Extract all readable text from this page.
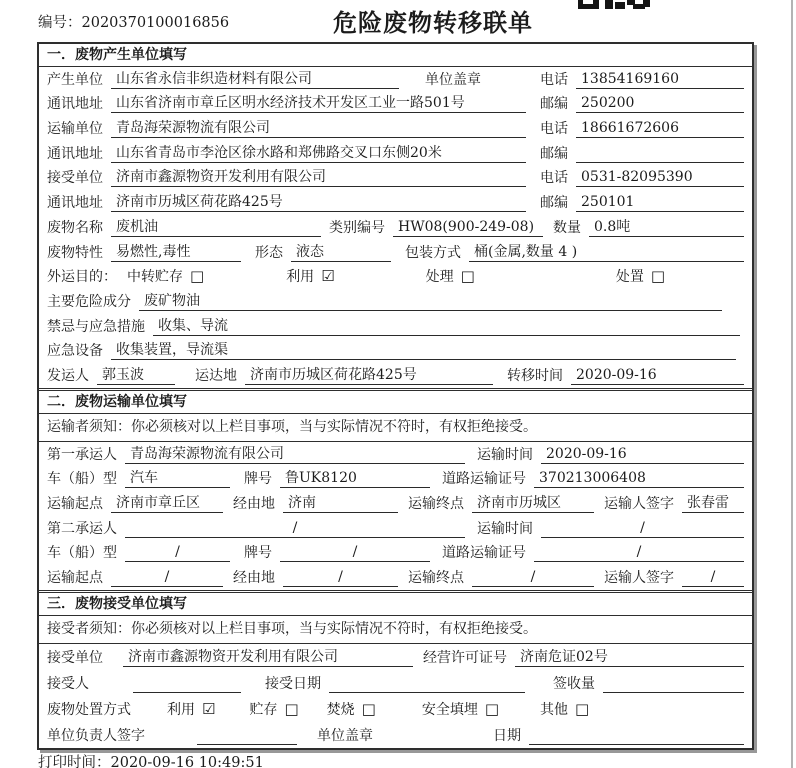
编号：2020370100016856	危险废物转移联单
一．废物产生单位填写
产生单位 山东省永信非织造材料有限公司	单位盖章	电话 13854169160
通讯地址 山东省济南市章丘区明水经济技术开发区工业一路501号	邮编 250200
运输单位 青岛海荣源物流有限公司	电话 18661672606
通讯地址 山东省青岛市李沧区徐水路和郑佛路交叉口东侧20米	邮编
接受单位 济南市鑫源物资开发利用有限公司	电话 0531-82095390
通讯地址 济南市历城区荷花路425号	邮编 250101
废物名称 废机油	类别编号 HW08(900-249-08)	数量 0.8吨
废物特性 易燃性,毒性	形态 液态	包装方式 桶(金属,数量 4 )
外运目的： 中转贮存 □	利用 ☑	处理 □	处置 □
主要危险成分 废矿物油
禁忌与应急措施 收集、导流
应急设备 收集装置，导流渠
发运人 郭玉波	运达地 济南市历城区荷花路425号	转移时间 2020-09-16
二．废物运输单位填写
运输者须知：你必须核对以上栏目事项，当与实际情况不符时，有权拒绝接受。
第一承运人 青岛海荣源物流有限公司	运输时间 2020-09-16
车（船）型 汽车	牌号 鲁UK8120	道路运输证号 370213006408
运输起点 济南市章丘区	经由地 济南	运输终点 济南市历城区	运输人签字 张春雷
第二承运人	/	运输时间	/
车（船）型	/	牌号	/	道路运输证号	/
运输起点	/	经由地	/	运输终点	/	运输人签字	/
三．废物接受单位填写
接受者须知：你必须核对以上栏目事项，当与实际情况不符时，有权拒绝接受。
接受单位	济南市鑫源物资开发利用有限公司	经营许可证号 济南危证02号
接受人	接受日期	签收量
废物处置方式	利用 ☑ 贮存 □ 焚烧 □	安全填埋 □	其他 □
单位负责人签字	单位盖章	日期
打印时间：2020-09-16 10:49:51
